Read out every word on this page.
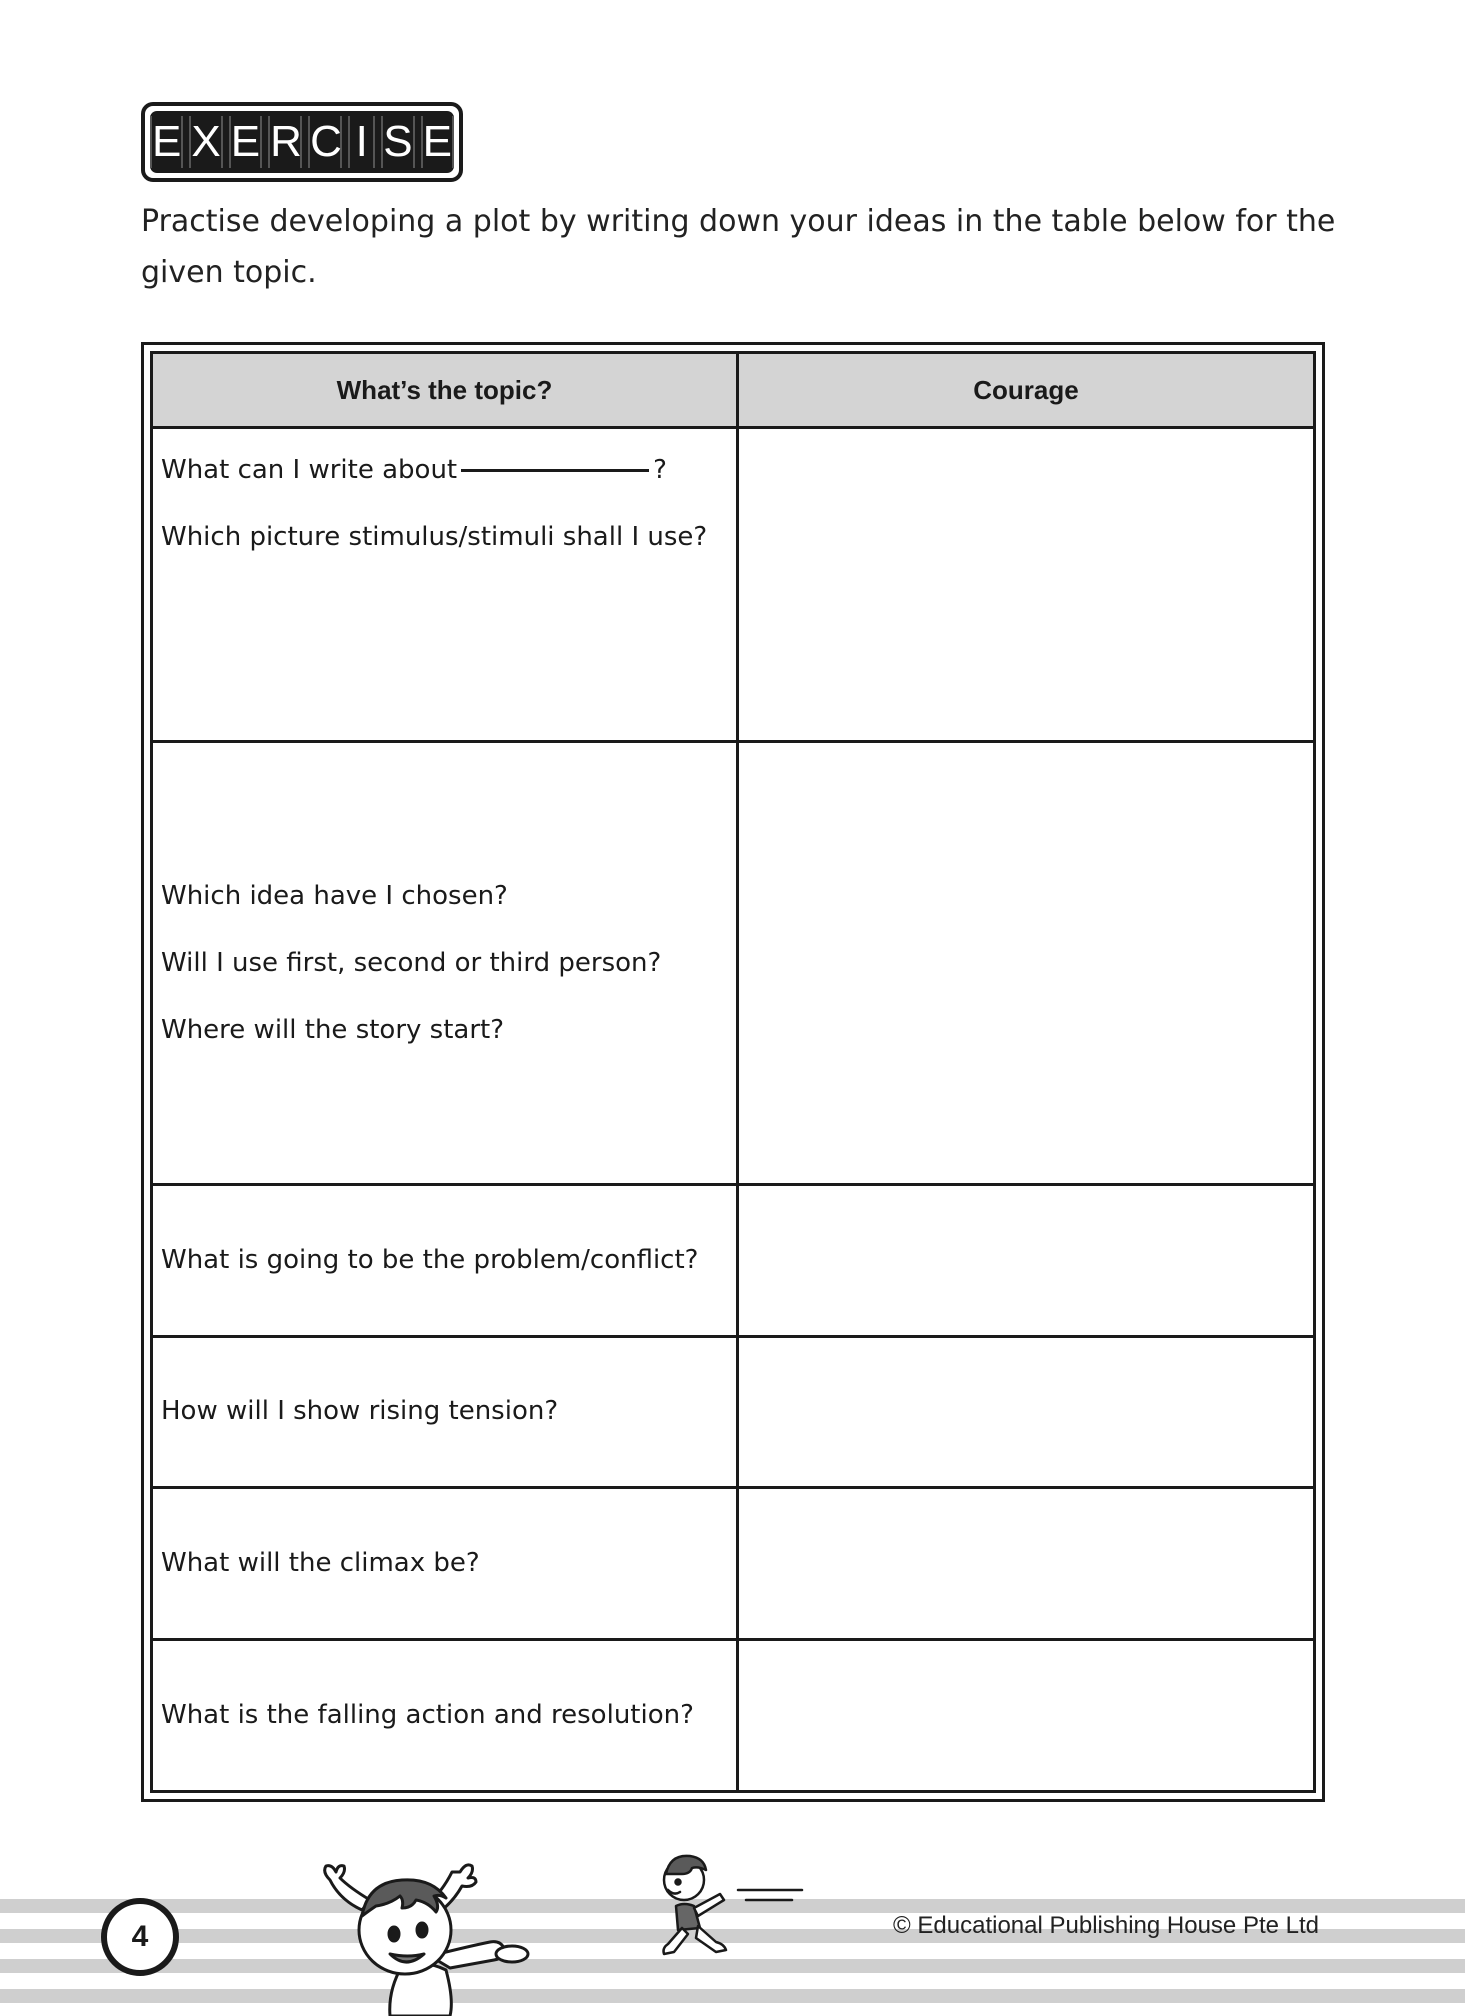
E X E R C I S E

Practise developing a plot by writing down your ideas in the table below for the given topic.

What’s the topic?	Courage

What can I write about ?
Which picture stimulus/stimuli shall I use?	

Which idea have I chosen?
Will I use first, second or third person?
Where will the story start?	

What is going to be the problem/conflict?	

How will I show rising tension?	

What will the climax be?	

What is the falling action and resolution?	

4	© Educational Publishing House Pte Ltd
